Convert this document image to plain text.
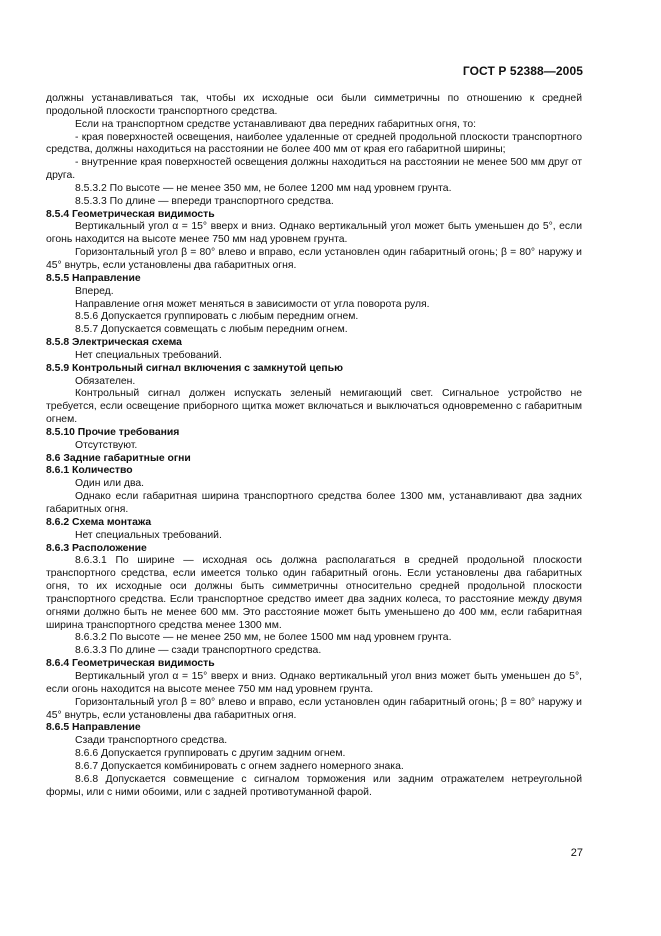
ГОСТ Р 52388—2005

должны устанавливаться так, чтобы их исходные оси были симметричны по отношению к средней продольной плоскости транспортного средства.

Если на транспортном средстве устанавливают два передних габаритных огня, то:

- края поверхностей освещения, наиболее удаленные от средней продольной плоскости транспортного средства, должны находиться на расстоянии не более 400 мм от края его габаритной ширины;

- внутренние края поверхностей освещения должны находиться на расстоянии не менее 500 мм друг от друга.

8.5.3.2 По высоте — не менее 350 мм, не более 1200 мм над уровнем грунта.

8.5.3.3 По длине — впереди транспортного средства.

8.5.4 Геометрическая видимость

Вертикальный угол α = 15° вверх и вниз. Однако вертикальный угол может быть уменьшен до 5°, если огонь находится на высоте менее 750 мм над уровнем грунта.

Горизонтальный угол β = 80° влево и вправо, если установлен один габаритный огонь; β = 80° наружу и 45° внутрь, если установлены два габаритных огня.

8.5.5 Направление

Вперед.

Направление огня может меняться в зависимости от угла поворота руля.

8.5.6 Допускается группировать с любым передним огнем.

8.5.7 Допускается совмещать с любым передним огнем.

8.5.8 Электрическая схема

Нет специальных требований.

8.5.9 Контрольный сигнал включения с замкнутой цепью

Обязателен.

Контрольный сигнал должен испускать зеленый немигающий свет. Сигнальное устройство не требуется, если освещение приборного щитка может включаться и выключаться одновременно с габаритным огнем.

8.5.10 Прочие требования

Отсутствуют.

8.6 Задние габаритные огни

8.6.1 Количество

Один или два.

Однако если габаритная ширина транспортного средства более 1300 мм, устанавливают два задних габаритных огня.

8.6.2 Схема монтажа

Нет специальных требований.

8.6.3 Расположение

8.6.3.1 По ширине — исходная ось должна располагаться в средней продольной плоскости транспортного средства, если имеется только один габаритный огонь. Если установлены два габаритных огня, то их исходные оси должны быть симметричны относительно средней продольной плоскости транспортного средства. Если транспортное средство имеет два задних колеса, то расстояние между двумя огнями должно быть не менее 600 мм. Это расстояние может быть уменьшено до 400 мм, если габаритная ширина транспортного средства менее 1300 мм.

8.6.3.2 По высоте — не менее 250 мм, не более 1500 мм над уровнем грунта.

8.6.3.3 По длине — сзади транспортного средства.

8.6.4 Геометрическая видимость

Вертикальный угол α = 15° вверх и вниз. Однако вертикальный угол вниз может быть уменьшен до 5°, если огонь находится на высоте менее 750 мм над уровнем грунта.

Горизонтальный угол β = 80° влево и вправо, если установлен один габаритный огонь; β = 80° наружу и 45° внутрь, если установлены два габаритных огня.

8.6.5 Направление

Сзади транспортного средства.

8.6.6 Допускается группировать с другим задним огнем.

8.6.7 Допускается комбинировать с огнем заднего номерного знака.

8.6.8 Допускается совмещение с сигналом торможения или задним отражателем нетреугольной формы, или с ними обоими, или с задней противотуманной фарой.

27
